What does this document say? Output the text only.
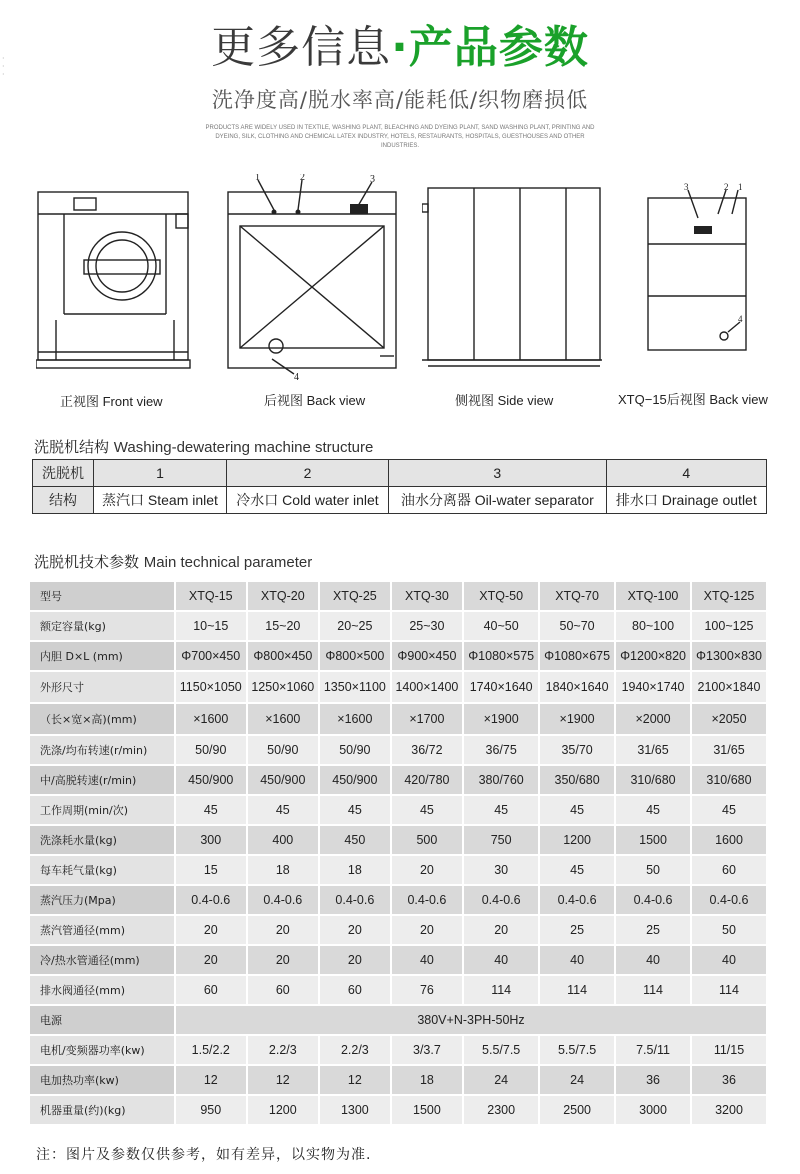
·
·
·
更多信息·产品参数
洗净度高/脱水率高/能耗低/织物磨损低
PRODUCTS ARE WIDELY USED IN TEXTILE, WASHING PLANT, BLEACHING AND DYEING PLANT, SAND WASHING PLANT, PRINTING AND DYEING, SILK, CLOTHING AND CHEMICAL LATEX INDUSTRY, HOTELS, RESTAURANTS, HOSPITALS, GUESTHOUSES AND OTHER INDUSTRIES.
正视图 Front view
1	2	3
4
后视图 Back view	侧视图 Side view
3	2 1
4
XTQ−15后视图 Back view
洗脱机结构 Washing-dewatering machine structure
洗脱机	1	2	3	4
结构	蒸汽口 Steam inlet	冷水口 Cold water inlet	油水分离器 Oil-water separator	排水口 Drainage outlet
洗脱机技术参数 Main technical parameter
型号	XTQ-15	XTQ-20	XTQ-25	XTQ-30	XTQ-50	XTQ-70	XTQ-100	XTQ-125
额定容量(kg)	10~15	15~20	20~25	25~30	40~50	50~70	80~100	100~125
内胆 D×L (mm)	Φ700×450	Φ800×450	Φ800×500	Φ900×450	Φ1080×575	Φ1080×675	Φ1200×820	Φ1300×830
外形尺寸	1150×1050	1250×1060	1350×1100	1400×1400	1740×1640	1840×1640	1940×1740	2100×1840
（长×宽×高)(mm)	×1600	×1600	×1600	×1700	×1900	×1900	×2000	×2050
洗涤/均布转速(r/min)	50/90	50/90	50/90	36/72	36/75	35/70	31/65	31/65
中/高脱转速(r/min)	450/900	450/900	450/900	420/780	380/760	350/680	310/680	310/680
工作周期(min/次)	45	45	45	45	45	45	45	45
洗涤耗水量(kg)	300	400	450	500	750	1200	1500	1600
每车耗气量(kg)	15	18	18	20	30	45	50	60
蒸汽压力(Mpa)	0.4-0.6	0.4-0.6	0.4-0.6	0.4-0.6	0.4-0.6	0.4-0.6	0.4-0.6	0.4-0.6
蒸汽管通径(mm)	20	20	20	20	20	25	25	50
冷/热水管通径(mm)	20	20	20	40	40	40	40	40
排水阀通径(mm)	60	60	60	76	114	114	114	114
电源	380V+N-3PH-50Hz							
电机/变频器功率(kw)	1.5/2.2	2.2/3	2.2/3	3/3.7	5.5/7.5	5.5/7.5	7.5/11	11/15
电加热功率(kw)	12	12	12	18	24	24	36	36
机器重量(约)(kg)	950	1200	1300	1500	2300	2500	3000	3200
注：图片及参数仅供参考，如有差异，以实物为准.
